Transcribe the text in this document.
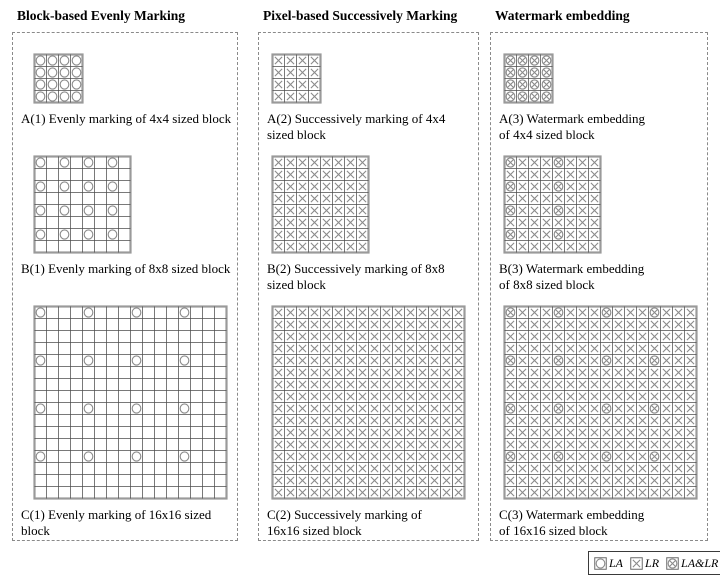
Block-based Evenly Marking
A(1) Evenly marking of 4x4 sized block
B(1) Evenly marking of 8x8 sized block
C(1) Evenly marking of 16x16 sized
block
Pixel-based Successively Marking
A(2) Successively marking of 4x4
sized block
B(2) Successively marking of 8x8
sized block
C(2) Successively marking of
16x16 sized block
Watermark embedding
A(3) Watermark embedding
of 4x4 sized block
B(3) Watermark embedding
of 8x8 sized block
C(3) Watermark embedding
of 16x16 sized block
LA LR LA&LR
